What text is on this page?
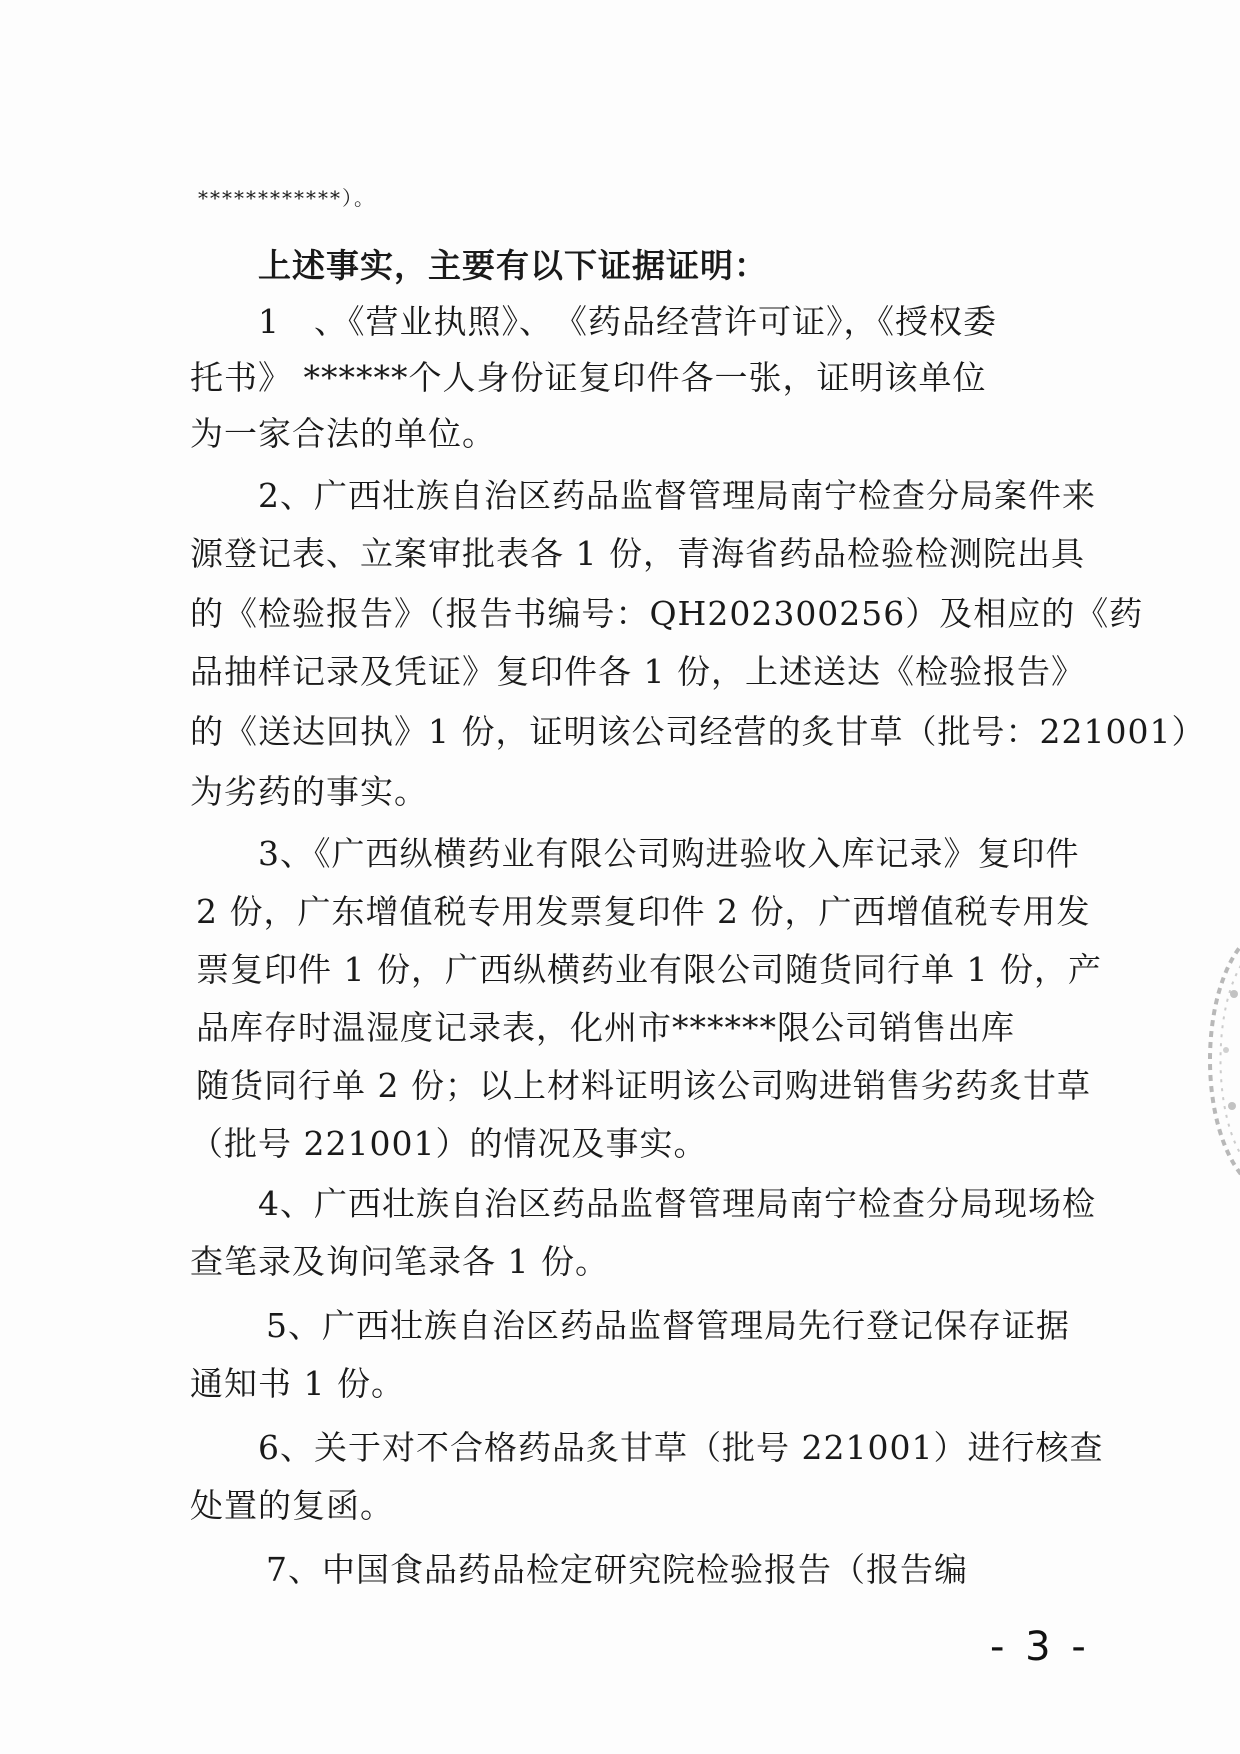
************）。
上述事实，主要有以下证据证明：
1　、《营业执照》、　《药品经营许可证》，《授权委
托书》 ******个人身份证复印件各一张，证明该单位
为一家合法的单位。
2、广西壮族自治区药品监督管理局南宁检查分局案件来
源登记表、立案审批表各 1 份，青海省药品检验检测院出具
的《检验报告》（报告书编号：QH202300256）及相应的《药
品抽样记录及凭证》复印件各 1 份，上述送达《检验报告》
的《送达回执》1 份，证明该公司经营的炙甘草（批号：221001）
为劣药的事实。
3、《广西纵横药业有限公司购进验收入库记录》复印件
2 份，广东增值税专用发票复印件 2 份，广西增值税专用发
票复印件 1 份，广西纵横药业有限公司随货同行单 1 份，产
品库存时温湿度记录表，化州市******限公司销售出库
随货同行单 2 份；以上材料证明该公司购进销售劣药炙甘草
（批号 221001）的情况及事实。
4、广西壮族自治区药品监督管理局南宁检查分局现场检
查笔录及询问笔录各 1 份。
5、广西壮族自治区药品监督管理局先行登记保存证据
通知书 1 份。
6、关于对不合格药品炙甘草（批号 221001）进行核查
处置的复函。
7、中国食品药品检定研究院检验报告（报告编
- 3 -
